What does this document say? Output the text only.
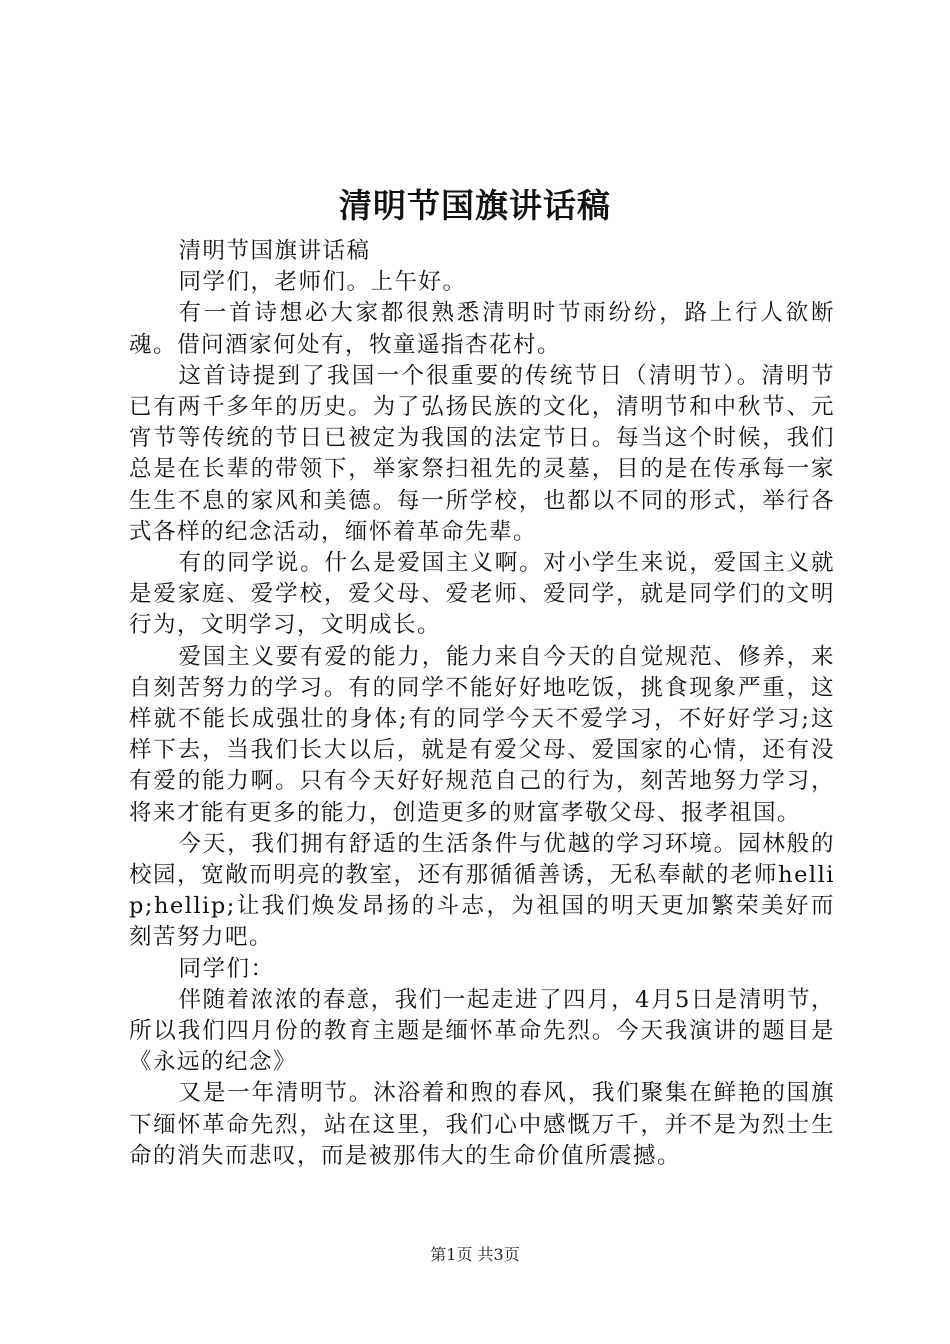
清明节国旗讲话稿

清明节国旗讲话稿

同学们，老师们。上午好。

有一首诗想必大家都很熟悉清明时节雨纷纷，路上行人欲断魂。借问酒家何处有，牧童遥指杏花村。

这首诗提到了我国一个很重要的传统节日（清明节）。清明节已有两千多年的历史。为了弘扬民族的文化，清明节和中秋节、元宵节等传统的节日已被定为我国的法定节日。每当这个时候，我们总是在长辈的带领下，举家祭扫祖先的灵墓，目的是在传承每一家生生不息的家风和美德。每一所学校，也都以不同的形式，举行各式各样的纪念活动，缅怀着革命先辈。

有的同学说。什么是爱国主义啊。对小学生来说，爱国主义就是爱家庭、爱学校，爱父母、爱老师、爱同学，就是同学们的文明行为，文明学习，文明成长。

爱国主义要有爱的能力，能力来自今天的自觉规范、修养，来自刻苦努力的学习。有的同学不能好好地吃饭，挑食现象严重，这样就不能长成强壮的身体;有的同学今天不爱学习，不好好学习;这样下去，当我们长大以后，就是有爱父母、爱国家的心情，还有没有爱的能力啊。只有今天好好规范自己的行为，刻苦地努力学习，将来才能有更多的能力，创造更多的财富孝敬父母、报孝祖国。

今天，我们拥有舒适的生活条件与优越的学习环境。园林般的校园，宽敞而明亮的教室，还有那循循善诱，无私奉献的老师hellip;hellip;让我们焕发昂扬的斗志，为祖国的明天更加繁荣美好而刻苦努力吧。

同学们：

伴随着浓浓的春意，我们一起走进了四月，4月5日是清明节，所以我们四月份的教育主题是缅怀革命先烈。今天我演讲的题目是《永远的纪念》

又是一年清明节。沐浴着和煦的春风，我们聚集在鲜艳的国旗下缅怀革命先烈，站在这里，我们心中感慨万千，并不是为烈士生命的消失而悲叹，而是被那伟大的生命价值所震撼。

第1页 共3页
